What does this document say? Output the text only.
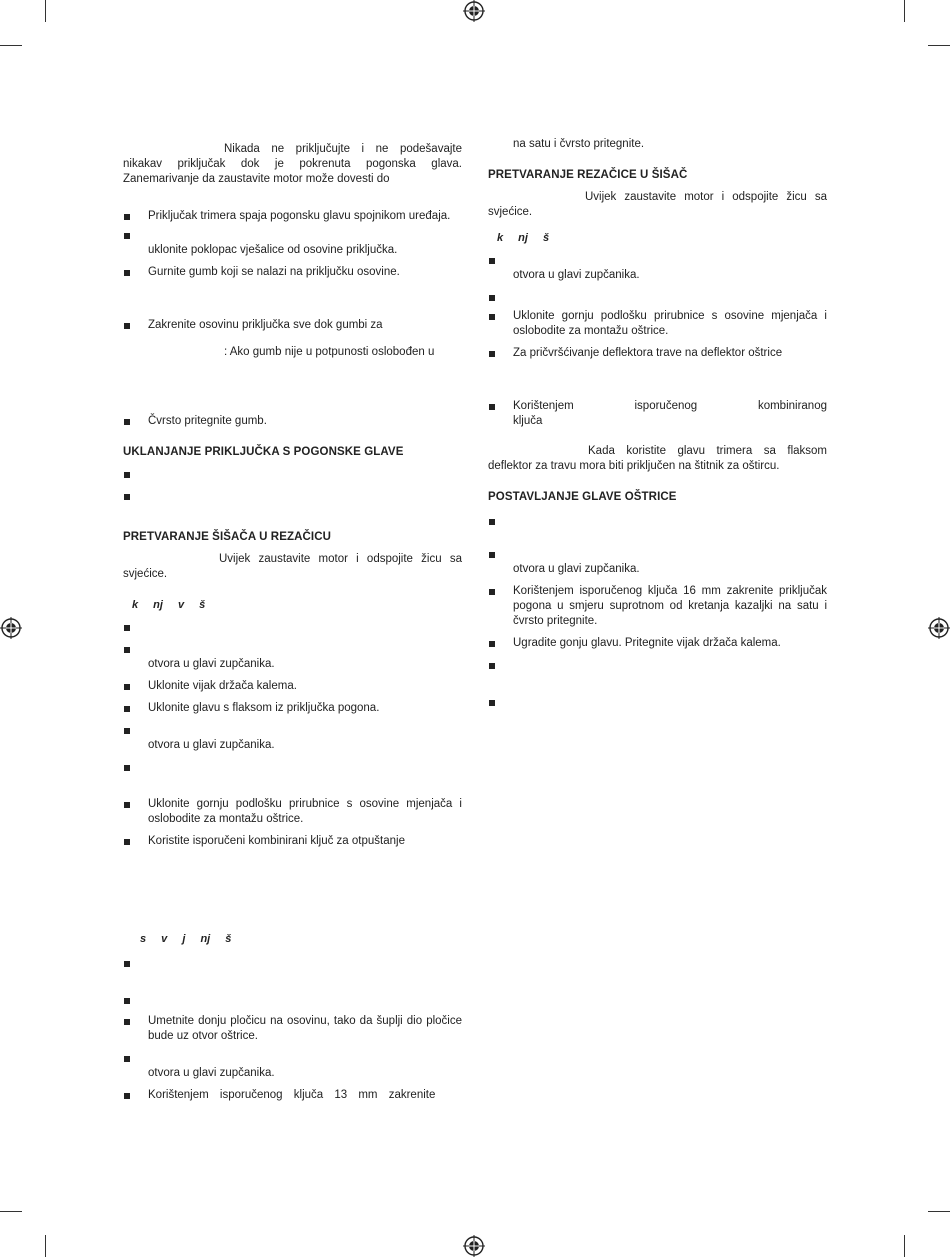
Nikada ne priključujte i ne podešavajte nikakav priključak dok je pokrenuta pogonska glava. Zanemarivanje da zaustavite motor može dovesti do
Priključak trimera spaja pogonsku glavu spojnikom uređaja.
uklonite poklopac vješalice od osovine priključka.
Gurnite gumb koji se nalazi na priključku osovine.
Zakrenite osovinu priključka sve dok gumbi za
: Ako gumb nije u potpunosti oslobođen u
Čvrsto pritegnite gumb.
UKLANJANJE PRIKLJUČKA S POGONSKE GLAVE
PRETVARANJE ŠIŠAČA U REZAČICU
Uvijek zaustavite motor i odspojite žicu sa svjećice.
k nj v š
otvora u glavi zupčanika.
Uklonite vijak držača kalema.
Uklonite glavu s flaksom iz priključka pogona.
otvora u glavi zupčanika.
Uklonite gornju podlošku prirubnice s osovine mjenjača i oslobodite za montažu oštrice.
Koristite isporučeni kombinirani ključ za otpuštanje
s v j nj š
Umetnite donju pločicu na osovinu, tako da šuplji dio pločice bude uz otvor oštrice.
otvora u glavi zupčanika.
Korištenjem isporučenog ključa 13 mm zakrenite
na satu i čvrsto pritegnite.
PRETVARANJE REZAČICE U ŠIŠAČ
Uvijek zaustavite motor i odspojite žicu sa svjećice.
k nj š
otvora u glavi zupčanika.
Uklonite gornju podlošku prirubnice s osovine mjenjača i oslobodite za montažu oštrice.
Za pričvršćivanje deflektora trave na deflektor oštrice
Korištenjem isporučenog kombiniranog ključa
Kada koristite glavu trimera sa flaksom deflektor za travu mora biti priključen na štitnik za oštircu.
POSTAVLJANJE GLAVE OŠTRICE
otvora u glavi zupčanika.
Korištenjem isporučenog ključa 16 mm zakrenite priključak pogona u smjeru suprotnom od kretanja kazaljki na satu i čvrsto pritegnite.
Ugradite gonju glavu. Pritegnite vijak držača kalema.
